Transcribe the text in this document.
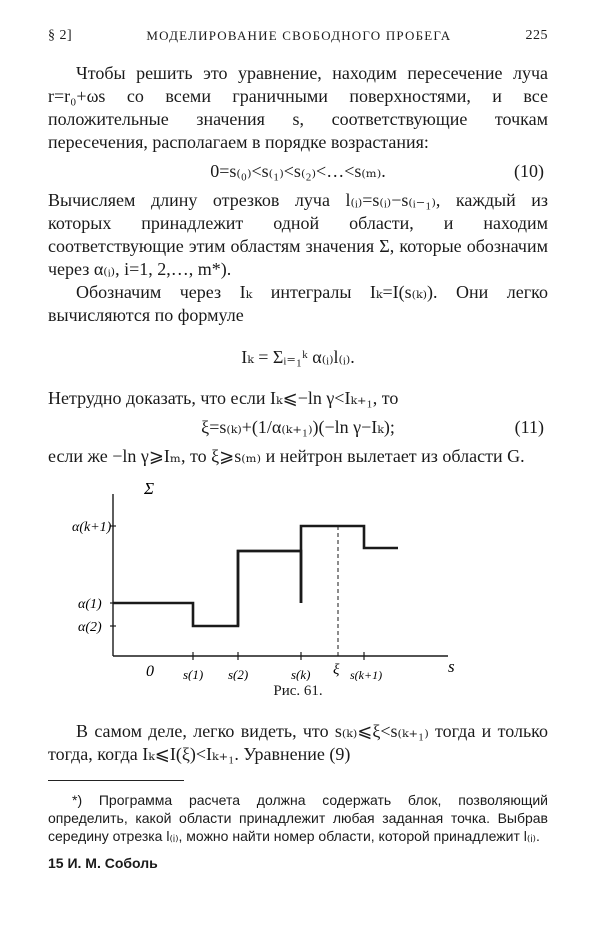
§ 2]	МОДЕЛИРОВАНИЕ СВОБОДНОГО ПРОБЕГА	225

Чтобы решить это уравнение, находим пересечение луча r=r₀+ωs со всеми граничными поверхностями, и все положительные значения s, соответствующие точкам пересечения, располагаем в порядке возрастания:

0=s₍₀₎<s₍₁₎<s₍₂₎<…<s₍ₘ₎.	(10)

Вычисляем длину отрезков луча l₍ᵢ₎=s₍ᵢ₎−s₍ᵢ₋₁₎, каждый из которых принадлежит одной области, и находим соответствующие этим областям значения Σ, которые обозначим через α₍ᵢ₎, i=1, 2,…, m*).

Обозначим через Iₖ интегралы Iₖ=I(s₍ₖ₎). Они легко вычисляются по формуле

Iₖ = Σᵢ₌₁ᵏ α₍ᵢ₎l₍ᵢ₎.

Нетрудно доказать, что если Iₖ⩽−ln γ<Iₖ₊₁, то

ξ=s₍ₖ₎+(1/α₍ₖ₊₁₎)(−ln γ−Iₖ);	(11)

если же −ln γ⩾Iₘ, то ξ⩾s₍ₘ₎ и нейтрон вылетает из области G.

Σ
s
0
α(k+1)
α(1)
α(2)
s(1) s(2)	s(k) ξ s(k+1)
Рис. 61.

В самом деле, легко видеть, что s₍ₖ₎⩽ξ<s₍ₖ₊₁₎ тогда и только тогда, когда Iₖ⩽I(ξ)<Iₖ₊₁. Уравнение (9)

*) Программа расчета должна содержать блок, позволяющий определить, какой области принадлежит любая заданная точка. Выбрав середину отрезка l₍ᵢ₎, можно найти номер области, которой принадлежит l₍ᵢ₎.
15 И. М. Соболь
